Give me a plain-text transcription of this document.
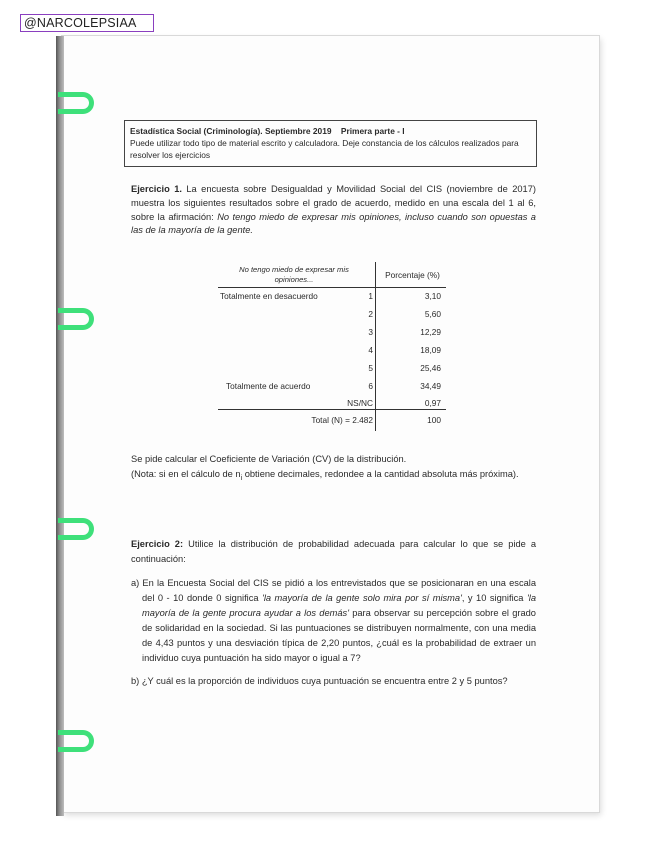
@NARCOLEPSIAA
Estadística Social (Criminología). Septiembre 2019 Primera parte - I
Puede utilizar todo tipo de material escrito y calculadora. Deje constancia de los cálculos realizados para resolver los ejercicios
Ejercicio 1. La encuesta sobre Desigualdad y Movilidad Social del CIS (noviembre de 2017) muestra los siguientes resultados sobre el grado de acuerdo, medido en una escala del 1 al 6, sobre la afirmación: No tengo miedo de expresar mis opiniones, incluso cuando son opuestas a las de la mayoría de la gente.
No tengo miedo de expresar mis opiniones...	Porcentaje (%)
Totalmente en desacuerdo	1	3,10
2	5,60
3	12,29
4	18,09
5	25,46
Totalmente de acuerdo	6	34,49
NS/NC	0,97
Total (N) = 2.482	100
Se pide calcular el Coeficiente de Variación (CV) de la distribución.
(Nota: si en el cálculo de $n_i$ obtiene decimales, redondee a la cantidad absoluta más próxima).
Ejercicio 2: Utilice la distribución de probabilidad adecuada para calcular lo que se pide a continuación:
a) En la Encuesta Social del CIS se pidió a los entrevistados que se posicionaran en una escala del 0 - 10 donde 0 significa 'la mayoría de la gente solo mira por sí misma', y 10 significa 'la mayoría de la gente procura ayudar a los demás' para observar su percepción sobre el grado de solidaridad en la sociedad. Si las puntuaciones se distribuyen normalmente, con una media de 4,43 puntos y una desviación típica de 2,20 puntos, ¿cuál es la probabilidad de extraer un individuo cuya puntuación ha sido mayor o igual a 7?
b) ¿Y cuál es la proporción de individuos cuya puntuación se encuentra entre 2 y 5 puntos?
